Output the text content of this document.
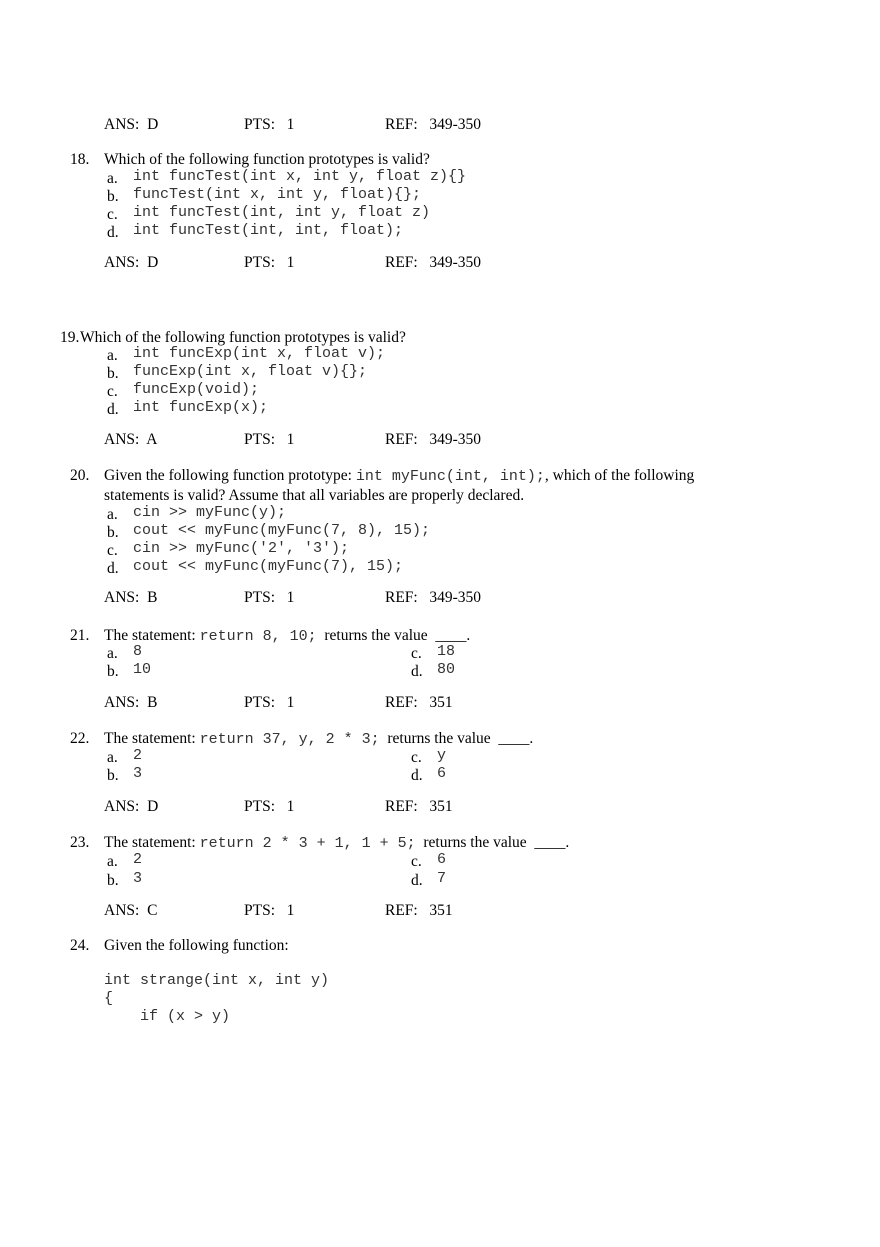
ANS:  D	PTS:   1	REF:   349-350
18. Which of the following function prototypes is valid?
a. int funcTest(int x, int y, float z){}
b. funcTest(int x, int y, float){};
c. int funcTest(int, int y, float z)
d. int funcTest(int, int, float);
ANS:  D	PTS:   1	REF:   349-350
19. Which of the following function prototypes is valid?
a. int funcExp(int x, float v);
b. funcExp(int x, float v){};
c. funcExp(void);
d. int funcExp(x);
ANS:  A	PTS:   1	REF:   349-350
20. Given the following function prototype: int myFunc(int, int);, which of the following
statements is valid? Assume that all variables are properly declared.
a. cin >> myFunc(y);
b. cout << myFunc(myFunc(7, 8), 15);
c. cin >> myFunc('2', '3');
d. cout << myFunc(myFunc(7), 15);
ANS:  B	PTS:   1	REF:   349-350
21. The statement: return 8, 10;  returns the value  ____.
a. 8
b. 10
c. 18
d. 80
ANS:  B	PTS:   1	REF:   351
22. The statement: return 37, y, 2 * 3;  returns the value  ____.
a. 2
b. 3
c. y
d. 6
ANS:  D	PTS:   1	REF:   351
23. The statement: return 2 * 3 + 1, 1 + 5;  returns the value  ____.
a. 2
b. 3
c. 6
d. 7
ANS:  C	PTS:   1	REF:   351
24. Given the following function:
int strange(int x, int y)
{
if (x > y)
